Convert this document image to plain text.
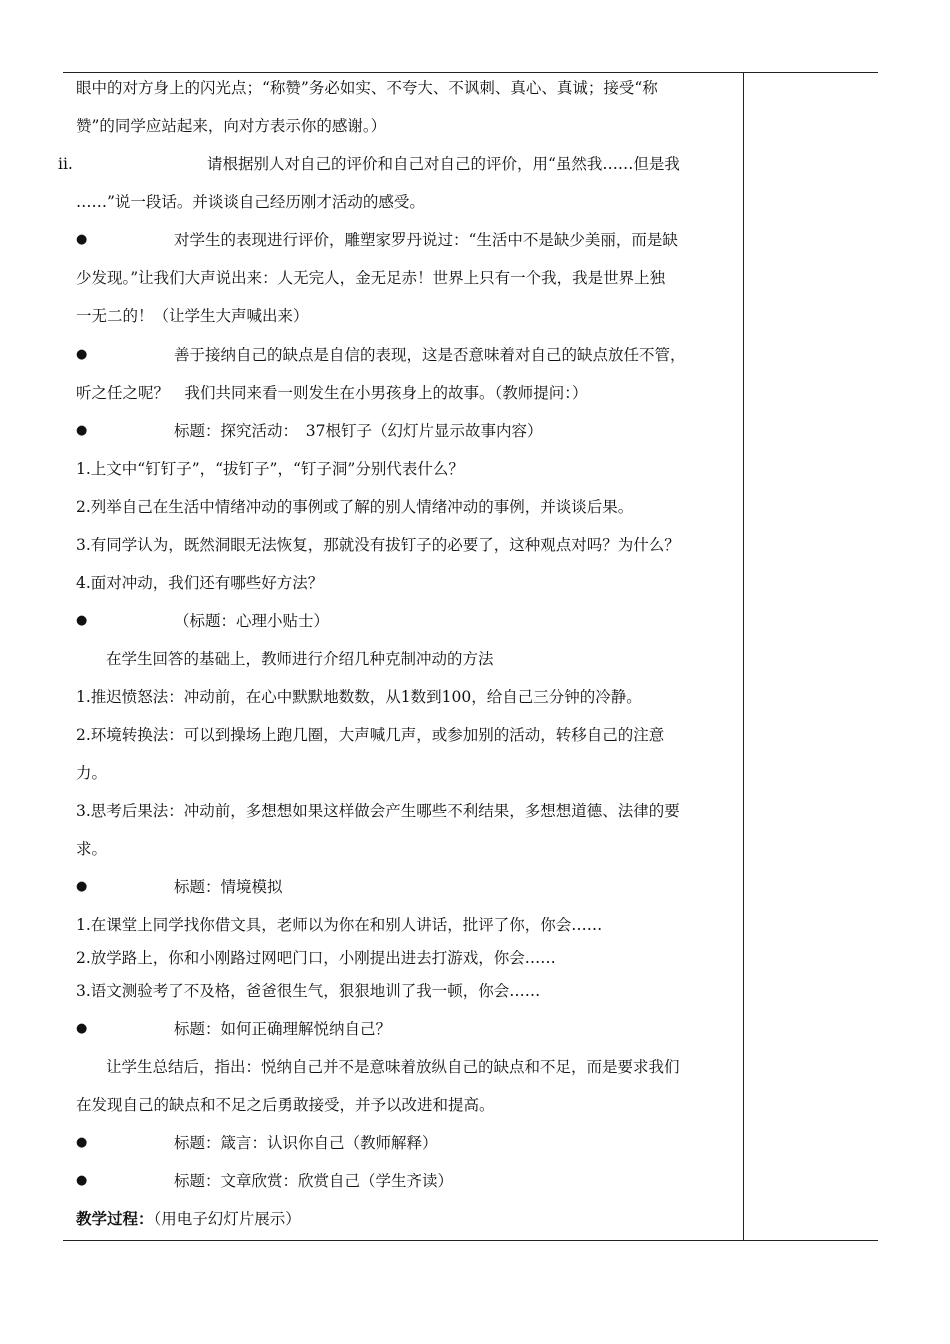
眼中的对方身上的闪光点；“称赞”务必如实、不夸大、不讽刺、真心、真诚；接受“称
赞”的同学应站起来，向对方表示你的感谢。）
ii.	请根据别人对自己的评价和自己对自己的评价，用“虽然我……但是我
……”说一段话。并谈谈自己经历刚才活动的感受。
●	对学生的表现进行评价，雕塑家罗丹说过：“生活中不是缺少美丽，而是缺
少发现。”让我们大声说出来：人无完人，金无足赤！世界上只有一个我，我是世界上独
一无二的！（让学生大声喊出来）
●	善于接纳自己的缺点是自信的表现，这是否意味着对自己的缺点放任不管，
听之任之呢？　我们共同来看一则发生在小男孩身上的故事。（教师提问：）
●	标题：探究活动：　37根钉子（幻灯片显示故事内容）
1.上文中“钉钉子”，“拔钉子”，“钉子洞”分别代表什么？
2.列举自己在生活中情绪冲动的事例或了解的别人情绪冲动的事例，并谈谈后果。
3.有同学认为，既然洞眼无法恢复，那就没有拔钉子的必要了，这种观点对吗？为什么？
4.面对冲动，我们还有哪些好方法？
●	（标题：心理小贴士）
在学生回答的基础上，教师进行介绍几种克制冲动的方法
1.推迟愤怒法：冲动前，在心中默默地数数，从1数到100，给自己三分钟的冷静。
2.环境转换法：可以到操场上跑几圈，大声喊几声，或参加别的活动，转移自己的注意
力。
3.思考后果法：冲动前，多想想如果这样做会产生哪些不利结果，多想想道德、法律的要
求。
●	标题：情境模拟
1.在课堂上同学找你借文具，老师以为你在和别人讲话，批评了你，你会……
2.放学路上，你和小刚路过网吧门口，小刚提出进去打游戏，你会……
3.语文测验考了不及格，爸爸很生气，狠狠地训了我一顿，你会……
●	标题：如何正确理解悦纳自己？
让学生总结后，指出：悦纳自己并不是意味着放纵自己的缺点和不足，而是要求我们
在发现自己的缺点和不足之后勇敢接受，并予以改进和提高。
●	标题：箴言：认识你自己（教师解释）
●	标题：文章欣赏：欣赏自己（学生齐读）
教学过程：（用电子幻灯片展示）
